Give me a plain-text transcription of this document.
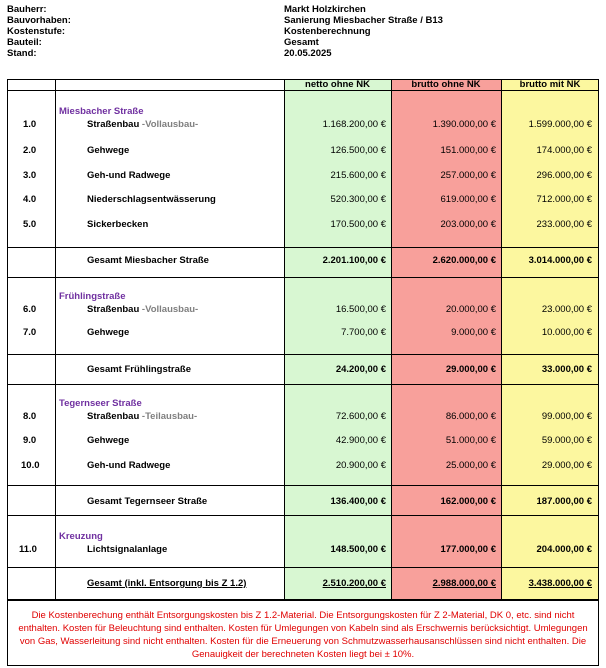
Bauherr:	Markt Holzkirchen
Bauvorhaben:	Sanierung Miesbacher Straße / B13
Kostenstufe:	Kostenberechnung
Bauteil:	Gesamt
Stand:	20.05.2025
netto ohne NK	brutto ohne NK	brutto mit NK
Miesbacher Straße
1.0	Straßenbau -Vollausbau-	1.168.200,00 €	1.390.000,00 €	1.599.000,00 €
2.0	Gehwege	126.500,00 €	151.000,00 €	174.000,00 €
3.0	Geh-und Radwege	215.600,00 €	257.000,00 €	296.000,00 €
4.0	Niederschlagsentwässerung	520.300,00 €	619.000,00 €	712.000,00 €
5.0	Sickerbecken	170.500,00 €	203.000,00 €	233.000,00 €
Gesamt Miesbacher Straße	2.201.100,00 €	2.620.000,00 €	3.014.000,00 €
Frühlingstraße
6.0	Straßenbau -Vollausbau-	16.500,00 €	20.000,00 €	23.000,00 €
7.0	Gehwege	7.700,00 €	9.000,00 €	10.000,00 €
Gesamt Frühlingstraße	24.200,00 €	29.000,00 €	33.000,00 €
Tegernseer Straße
8.0	Straßenbau -Teilausbau-	72.600,00 €	86.000,00 €	99.000,00 €
9.0	Gehwege	42.900,00 €	51.000,00 €	59.000,00 €
10.0	Geh-und Radwege	20.900,00 €	25.000,00 €	29.000,00 €
Gesamt Tegernseer Straße	136.400,00 €	162.000,00 €	187.000,00 €
Kreuzung
11.0	Lichtsignalanlage	148.500,00 €	177.000,00 €	204.000,00 €
Gesamt (inkl. Entsorgung bis Z 1.2)	2.510.200,00 €	2.988.000,00 €	3.438.000,00 €
Die Kostenberechung enthält Entsorgungskosten bis Z 1.2-Material. Die Entsorgungskosten für Z 2-Material, DK 0, etc. sind nicht enthalten. Kosten für Beleuchtung sind enthalten. Kosten für Umlegungen von Kabeln sind als Erschwernis berücksichtigt. Umlegungen von Gas, Wasserleitung sind nicht enthalten. Kosten für die Erneuerung von Schmutzwasserhausanschlüssen sind nicht enthalten. Die Genauigkeit der berechneten Kosten liegt bei ± 10%.
